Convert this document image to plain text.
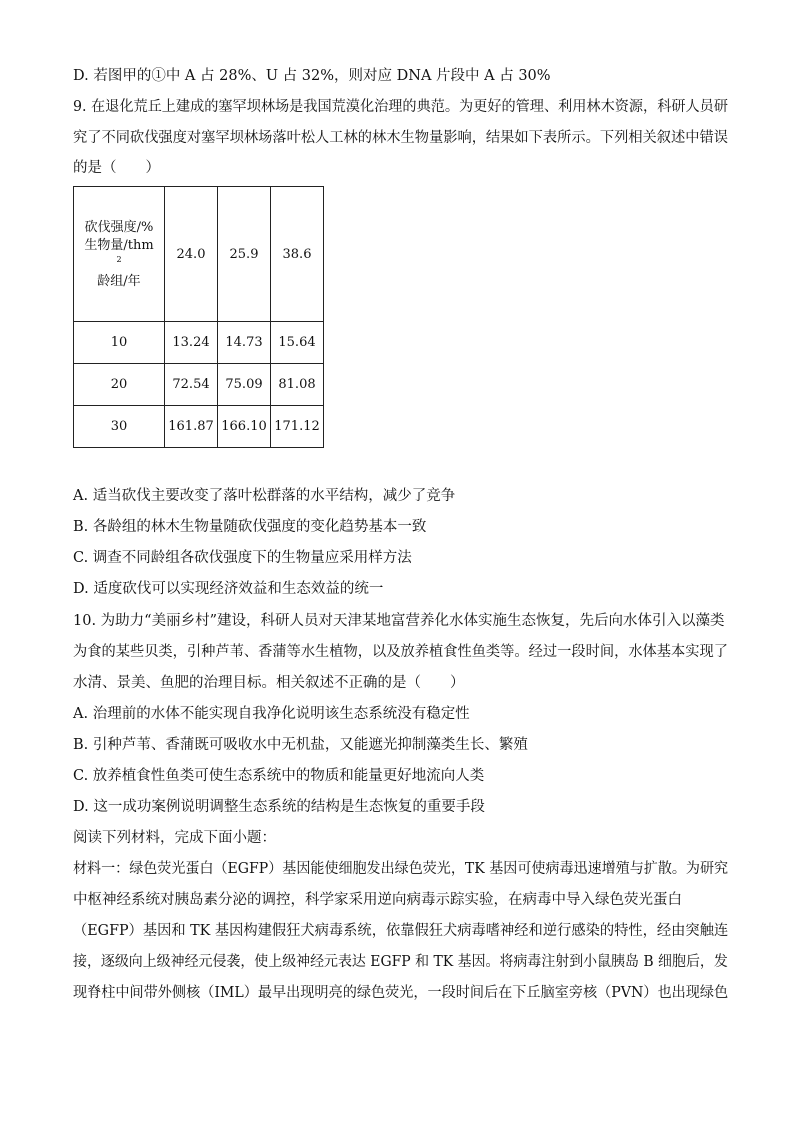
D. 若图甲的①中 A 占 28%、U 占 32%，则对应 DNA 片段中 A 占 30%
9. 在退化荒丘上建成的塞罕坝林场是我国荒漠化治理的典范。为更好的管理、利用林木资源，科研人员研
究了不同砍伐强度对塞罕坝林场落叶松人工林的林木生物量影响，结果如下表所示。下列相关叙述中错误
的是（　　）
砍伐强度/%
生物量/thm
2
龄组/年	24.0	25.9	38.6
10	13.24	14.73	15.64
20	72.54	75.09	81.08
30	161.87	166.10	171.12
A. 适当砍伐主要改变了落叶松群落的水平结构，减少了竞争
B. 各龄组的林木生物量随砍伐强度的变化趋势基本一致
C. 调查不同龄组各砍伐强度下的生物量应采用样方法
D. 适度砍伐可以实现经济效益和生态效益的统一
10. 为助力“美丽乡村”建设，科研人员对天津某地富营养化水体实施生态恢复，先后向水体引入以藻类
为食的某些贝类，引种芦苇、香蒲等水生植物，以及放养植食性鱼类等。经过一段时间，水体基本实现了
水清、景美、鱼肥的治理目标。相关叙述不正确的是（　　）
A. 治理前的水体不能实现自我净化说明该生态系统没有稳定性
B. 引种芦苇、香蒲既可吸收水中无机盐，又能遮光抑制藻类生长、繁殖
C. 放养植食性鱼类可使生态系统中的物质和能量更好地流向人类
D. 这一成功案例说明调整生态系统的结构是生态恢复的重要手段
阅读下列材料，完成下面小题：
材料一：绿色荧光蛋白（EGFP）基因能使细胞发出绿色荧光，TK 基因可使病毒迅速增殖与扩散。为研究
中枢神经系统对胰岛素分泌的调控，科学家采用逆向病毒示踪实验，在病毒中导入绿色荧光蛋白
（EGFP）基因和 TK 基因构建假狂犬病毒系统，依靠假狂犬病毒嗜神经和逆行感染的特性，经由突触连
接，逐级向上级神经元侵袭，使上级神经元表达 EGFP 和 TK 基因。将病毒注射到小鼠胰岛 B 细胞后，发
现脊柱中间带外侧核（IML）最早出现明亮的绿色荧光，一段时间后在下丘脑室旁核（PVN）也出现绿色
